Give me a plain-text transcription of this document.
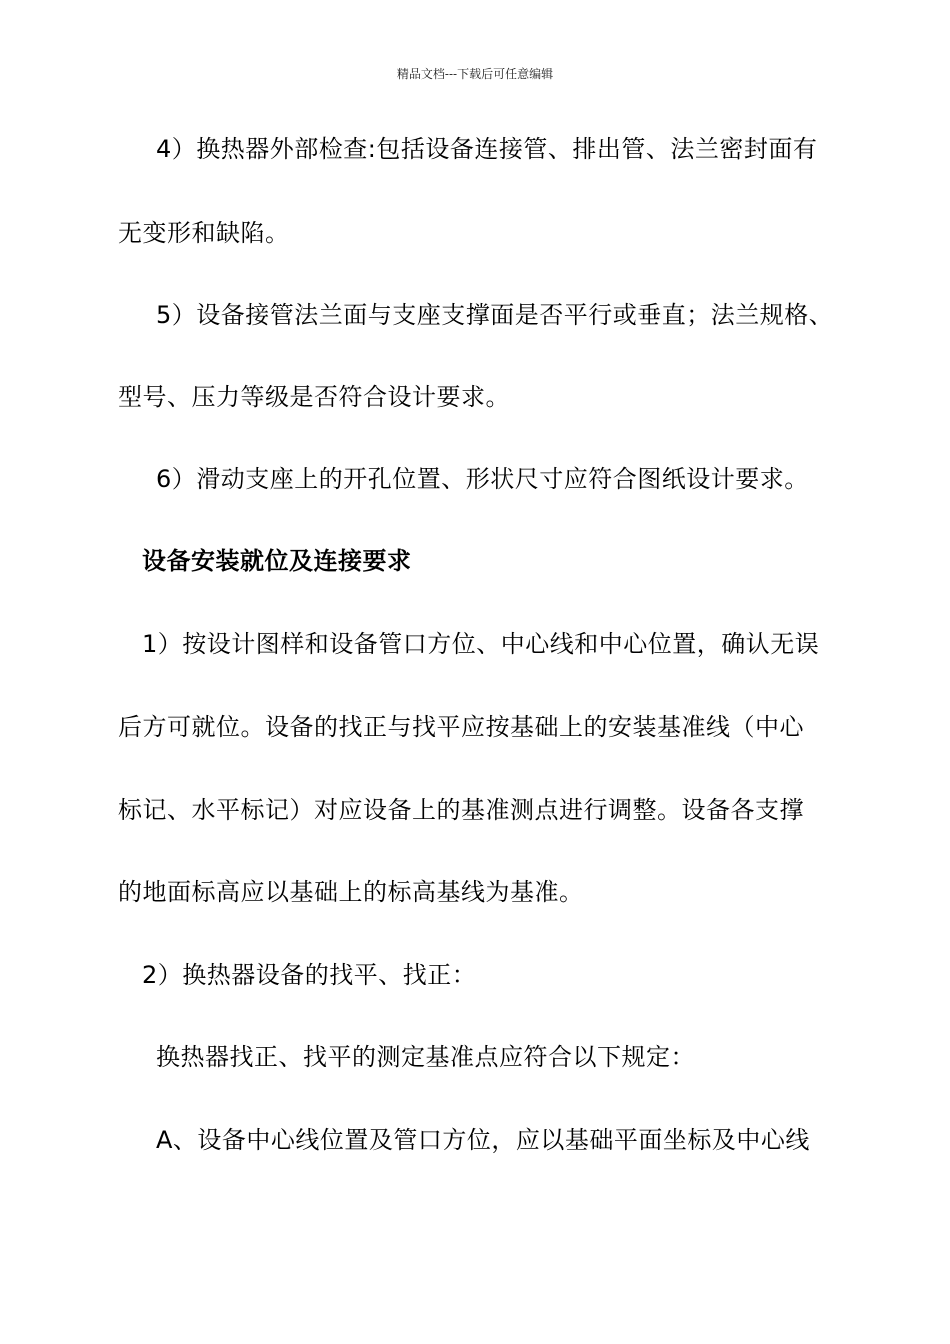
精品文档---下载后可任意编辑
4）换热器外部检查:包括设备连接管、排出管、法兰密封面有
无变形和缺陷。
5）设备接管法兰面与支座支撑面是否平行或垂直；法兰规格、
型号、压力等级是否符合设计要求。
6）滑动支座上的开孔位置、形状尺寸应符合图纸设计要求。
设备安装就位及连接要求
1）按设计图样和设备管口方位、中心线和中心位置，确认无误
后方可就位。设备的找正与找平应按基础上的安装基准线（中心
标记、水平标记）对应设备上的基准测点进行调整。设备各支撑
的地面标高应以基础上的标高基线为基准。
2）换热器设备的找平、找正：
换热器找正、找平的测定基准点应符合以下规定：
A、设备中心线位置及管口方位，应以基础平面坐标及中心线
